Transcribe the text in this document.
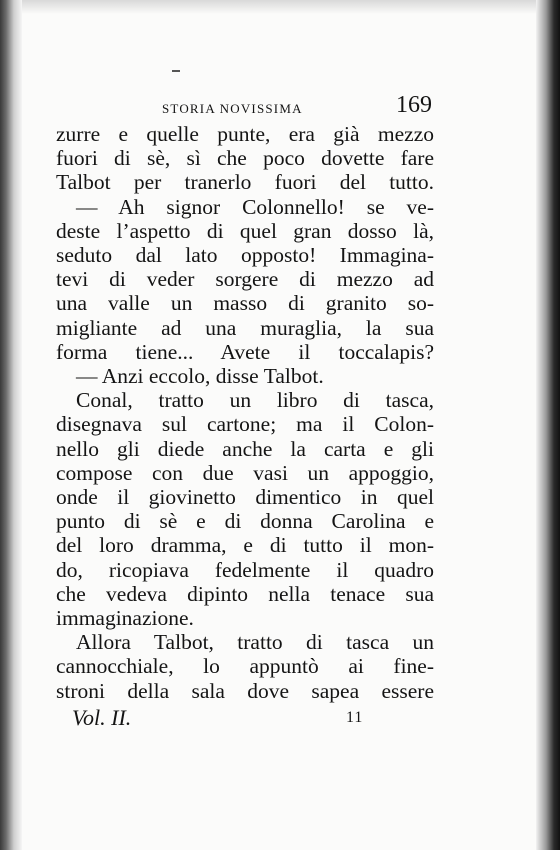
STORIA NOVISSIMA	169
zurre e quelle punte, era già mezzo
fuori di sè, sì che poco dovette fare
Talbot per tranerlo fuori del tutto.
— Ah signor Colonnello! se ve-
deste l’aspetto di quel gran dosso là,
seduto dal lato opposto! Immagina-
tevi di veder sorgere di mezzo ad
una valle un masso di granito so-
migliante ad una muraglia, la sua
forma tiene... Avete il toccalapis?
— Anzi eccolo, disse Talbot.
Conal, tratto un libro di tasca,
disegnava sul cartone; ma il Colon-
nello gli diede anche la carta e gli
compose con due vasi un appoggio,
onde il giovinetto dimentico in quel
punto di sè e di donna Carolina e
del loro dramma, e di tutto il mon-
do, ricopiava fedelmente il quadro
che vedeva dipinto nella tenace sua
immaginazione.
Allora Talbot, tratto di tasca un
cannocchiale, lo appuntò ai fine-
stroni della sala dove sapea essere
Vol. II.	11
